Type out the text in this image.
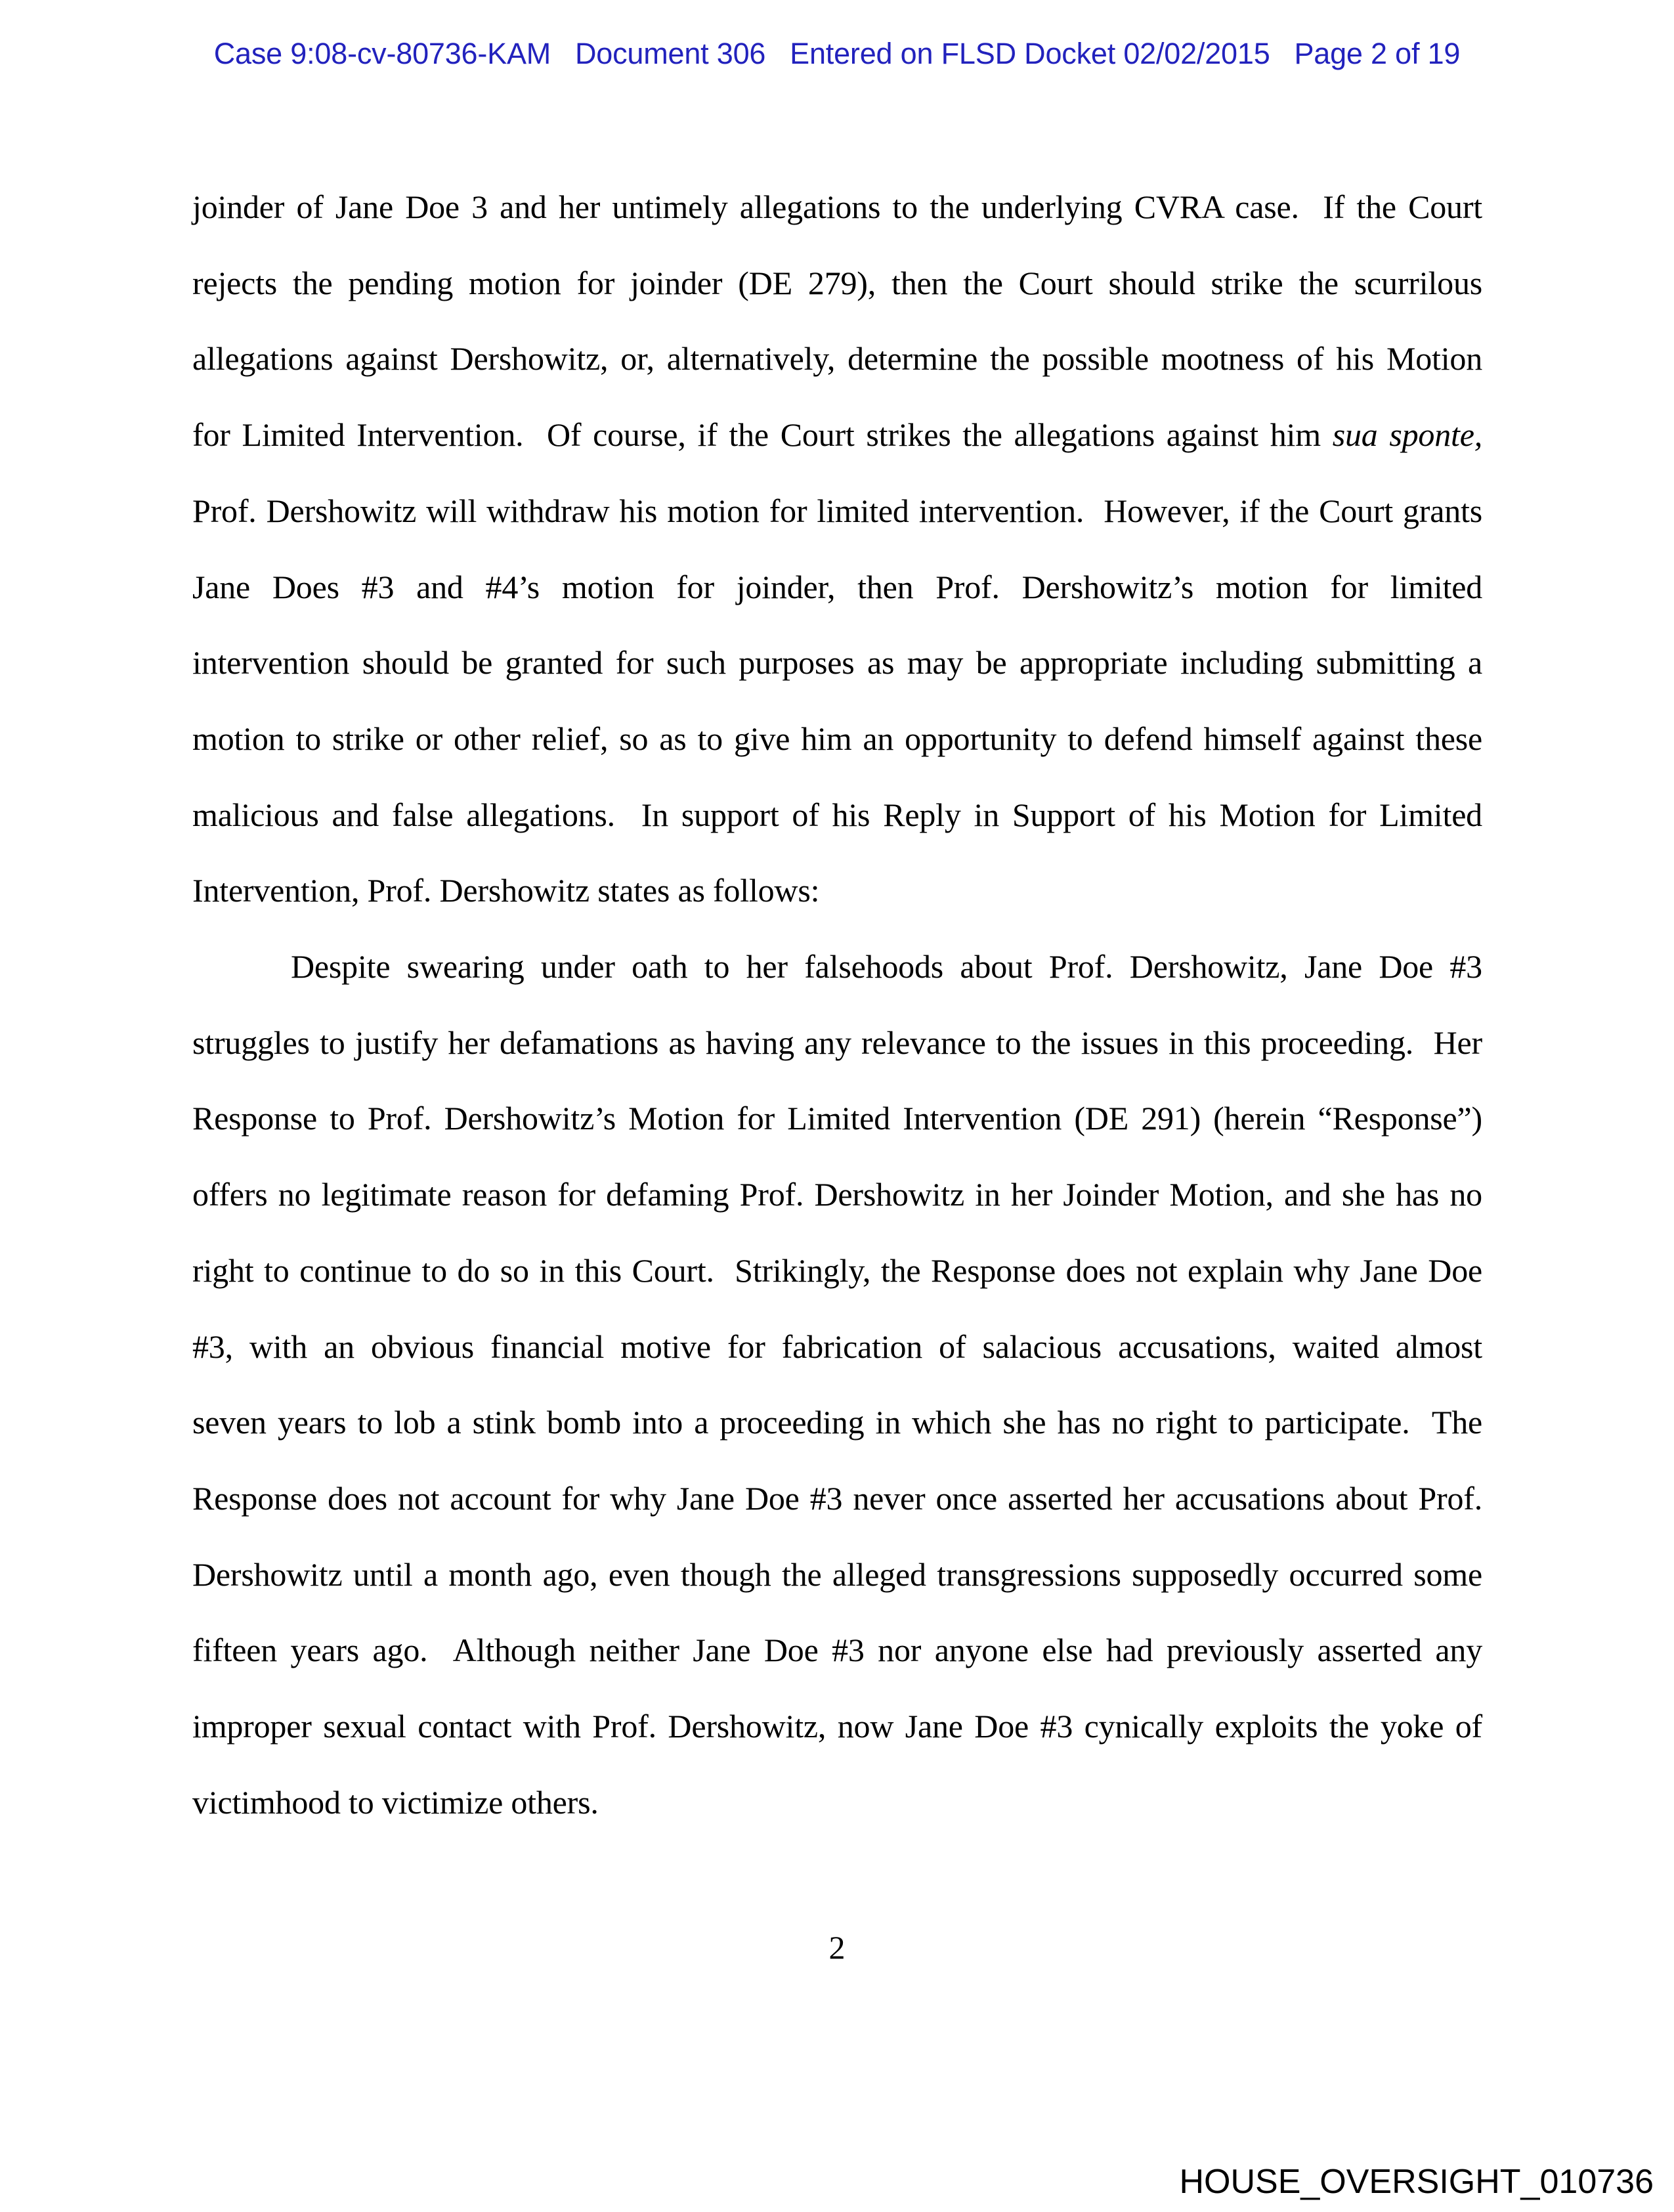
Case 9:08-cv-80736-KAM   Document 306   Entered on FLSD Docket 02/02/2015   Page 2 of 19
joinder of Jane Doe 3 and her untimely allegations to the underlying CVRA case.  If the Court
rejects the pending motion for joinder (DE 279), then the Court should strike the scurrilous
allegations against Dershowitz, or, alternatively, determine the possible mootness of his Motion
for Limited Intervention.  Of course, if the Court strikes the allegations against him sua sponte,
Prof. Dershowitz will withdraw his motion for limited intervention.  However, if the Court grants
Jane Does #3 and #4’s motion for joinder, then Prof. Dershowitz’s motion for limited
intervention should be granted for such purposes as may be appropriate including submitting a
motion to strike or other relief, so as to give him an opportunity to defend himself against these
malicious and false allegations.  In support of his Reply in Support of his Motion for Limited
Intervention, Prof. Dershowitz states as follows:
Despite swearing under oath to her falsehoods about Prof. Dershowitz, Jane Doe #3
struggles to justify her defamations as having any relevance to the issues in this proceeding.  Her
Response to Prof. Dershowitz’s Motion for Limited Intervention (DE 291) (herein “Response”)
offers no legitimate reason for defaming Prof. Dershowitz in her Joinder Motion, and she has no
right to continue to do so in this Court.  Strikingly, the Response does not explain why Jane Doe
#3, with an obvious financial motive for fabrication of salacious accusations, waited almost
seven years to lob a stink bomb into a proceeding in which she has no right to participate.  The
Response does not account for why Jane Doe #3 never once asserted her accusations about Prof.
Dershowitz until a month ago, even though the alleged transgressions supposedly occurred some
fifteen years ago.  Although neither Jane Doe #3 nor anyone else had previously asserted any
improper sexual contact with Prof. Dershowitz, now Jane Doe #3 cynically exploits the yoke of
victimhood to victimize others.
2
HOUSE_OVERSIGHT_010736
